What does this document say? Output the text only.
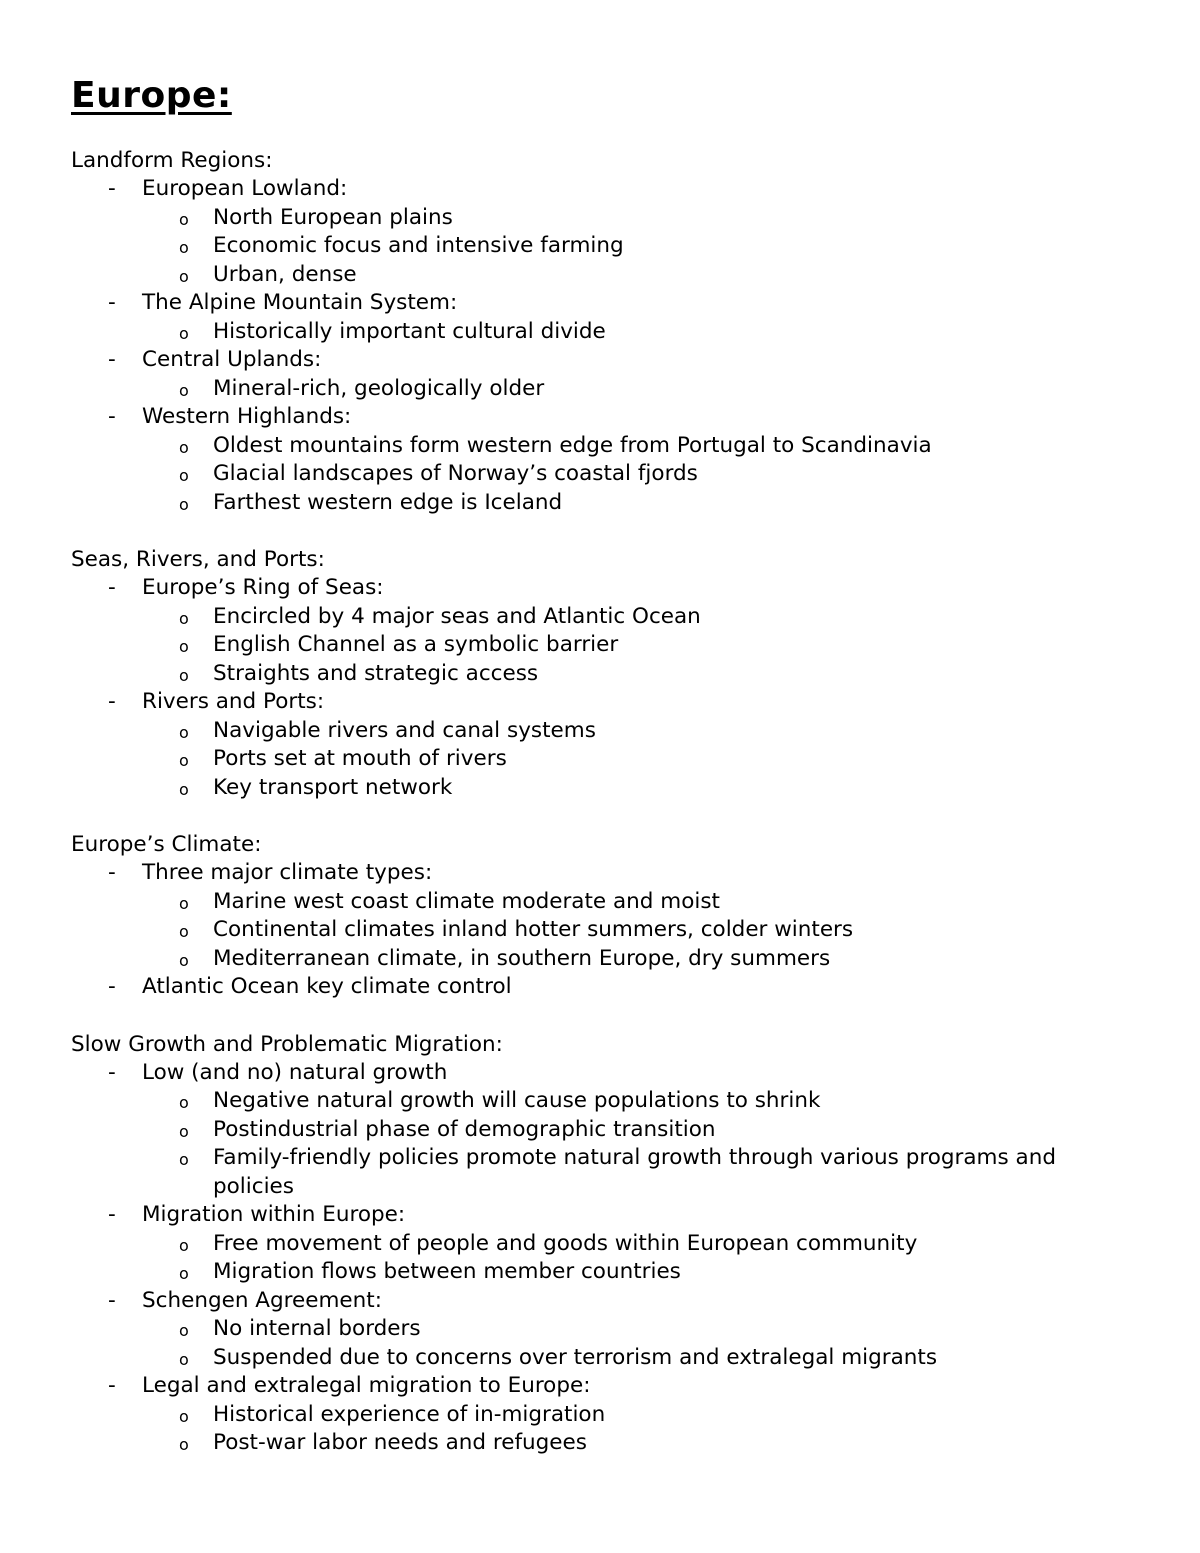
Europe:

Landform Regions:

- European Lowland:
o North European plains
o Economic focus and intensive farming
o Urban, dense
- The Alpine Mountain System:
o Historically important cultural divide
- Central Uplands:
o Mineral-rich, geologically older
- Western Highlands:
o Oldest mountains form western edge from Portugal to Scandinavia
o Glacial landscapes of Norway’s coastal fjords
o Farthest western edge is Iceland

Seas, Rivers, and Ports:

- Europe’s Ring of Seas:
o Encircled by 4 major seas and Atlantic Ocean
o English Channel as a symbolic barrier
o Straights and strategic access
- Rivers and Ports:
o Navigable rivers and canal systems
o Ports set at mouth of rivers
o Key transport network

Europe’s Climate:

- Three major climate types:
o Marine west coast climate moderate and moist
o Continental climates inland hotter summers, colder winters
o Mediterranean climate, in southern Europe, dry summers
- Atlantic Ocean key climate control

Slow Growth and Problematic Migration:

- Low (and no) natural growth
o Negative natural growth will cause populations to shrink
o Postindustrial phase of demographic transition
o Family-friendly policies promote natural growth through various programs and policies
- Migration within Europe:
o Free movement of people and goods within European community
o Migration flows between member countries
- Schengen Agreement:
o No internal borders
o Suspended due to concerns over terrorism and extralegal migrants
- Legal and extralegal migration to Europe:
o Historical experience of in-migration
o Post-war labor needs and refugees
